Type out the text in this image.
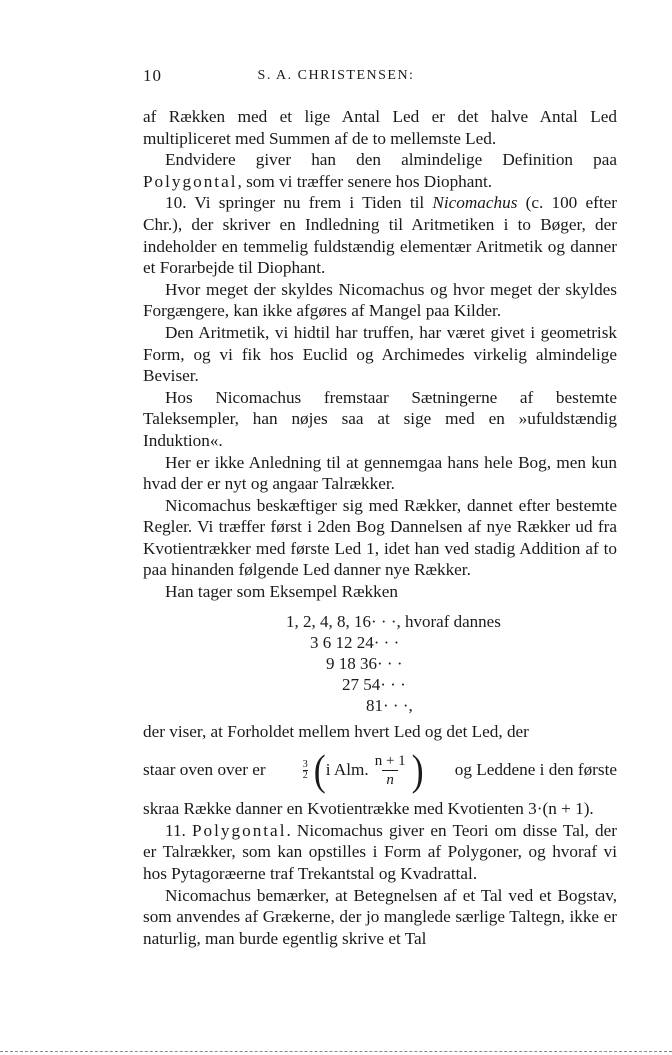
10	S. A. CHRISTENSEN:

af Rækken med et lige Antal Led er det halve Antal Led multipliceret med Summen af de to mellemste Led.

Endvidere giver han den almindelige Definition paa Polygontal, som vi træffer senere hos Diophant.

10. Vi springer nu frem i Tiden til Nicomachus (c. 100 efter Chr.), der skriver en Indledning til Aritmetiken i to Bøger, der indeholder en temmelig fuldstændig elementær Aritmetik og danner et Forarbejde til Diophant.

Hvor meget der skyldes Nicomachus og hvor meget der skyldes Forgængere, kan ikke afgøres af Mangel paa Kilder.

Den Aritmetik, vi hidtil har truffen, har været givet i geometrisk Form, og vi fik hos Euclid og Archimedes virkelig almindelige Beviser.

Hos Nicomachus fremstaar Sætningerne af bestemte Taleksempler, han nøjes saa at sige med en »ufuldstændig Induktion«.

Her er ikke Anledning til at gennemgaa hans hele Bog, men kun hvad der er nyt og angaar Talrækker.

Nicomachus beskæftiger sig med Rækker, dannet efter bestemte Regler. Vi træffer først i 2den Bog Dannelsen af nye Rækker ud fra Kvotientrækker med første Led 1, idet han ved stadig Addition af to paa hinanden følgende Led danner nye Rækker.

Han tager som Eksempel Rækken

1, 2, 4, 8, 16· · ·, hvoraf dannes
3 6 12 24· · ·
9 18 36· · ·
27 54· · ·
81· · ·,

der viser, at Forholdet mellem hvert Led og det Led, der

staar oven over er	$\frac{3}{2}$ ( i Alm. $\frac{n + 1}{n}$ ) og Leddene i den første

skraa Række danner en Kvotientrække med Kvotienten 3·(n + 1).

11. Polygontal. Nicomachus giver en Teori om disse Tal, der er Talrækker, som kan opstilles i Form af Polygoner, og hvoraf vi hos Pytagoræerne traf Trekantstal og Kvadrattal.

Nicomachus bemærker, at Betegnelsen af et Tal ved et Bogstav, som anvendes af Grækerne, der jo manglede særlige Taltegn, ikke er naturlig, man burde egentlig skrive et Tal
